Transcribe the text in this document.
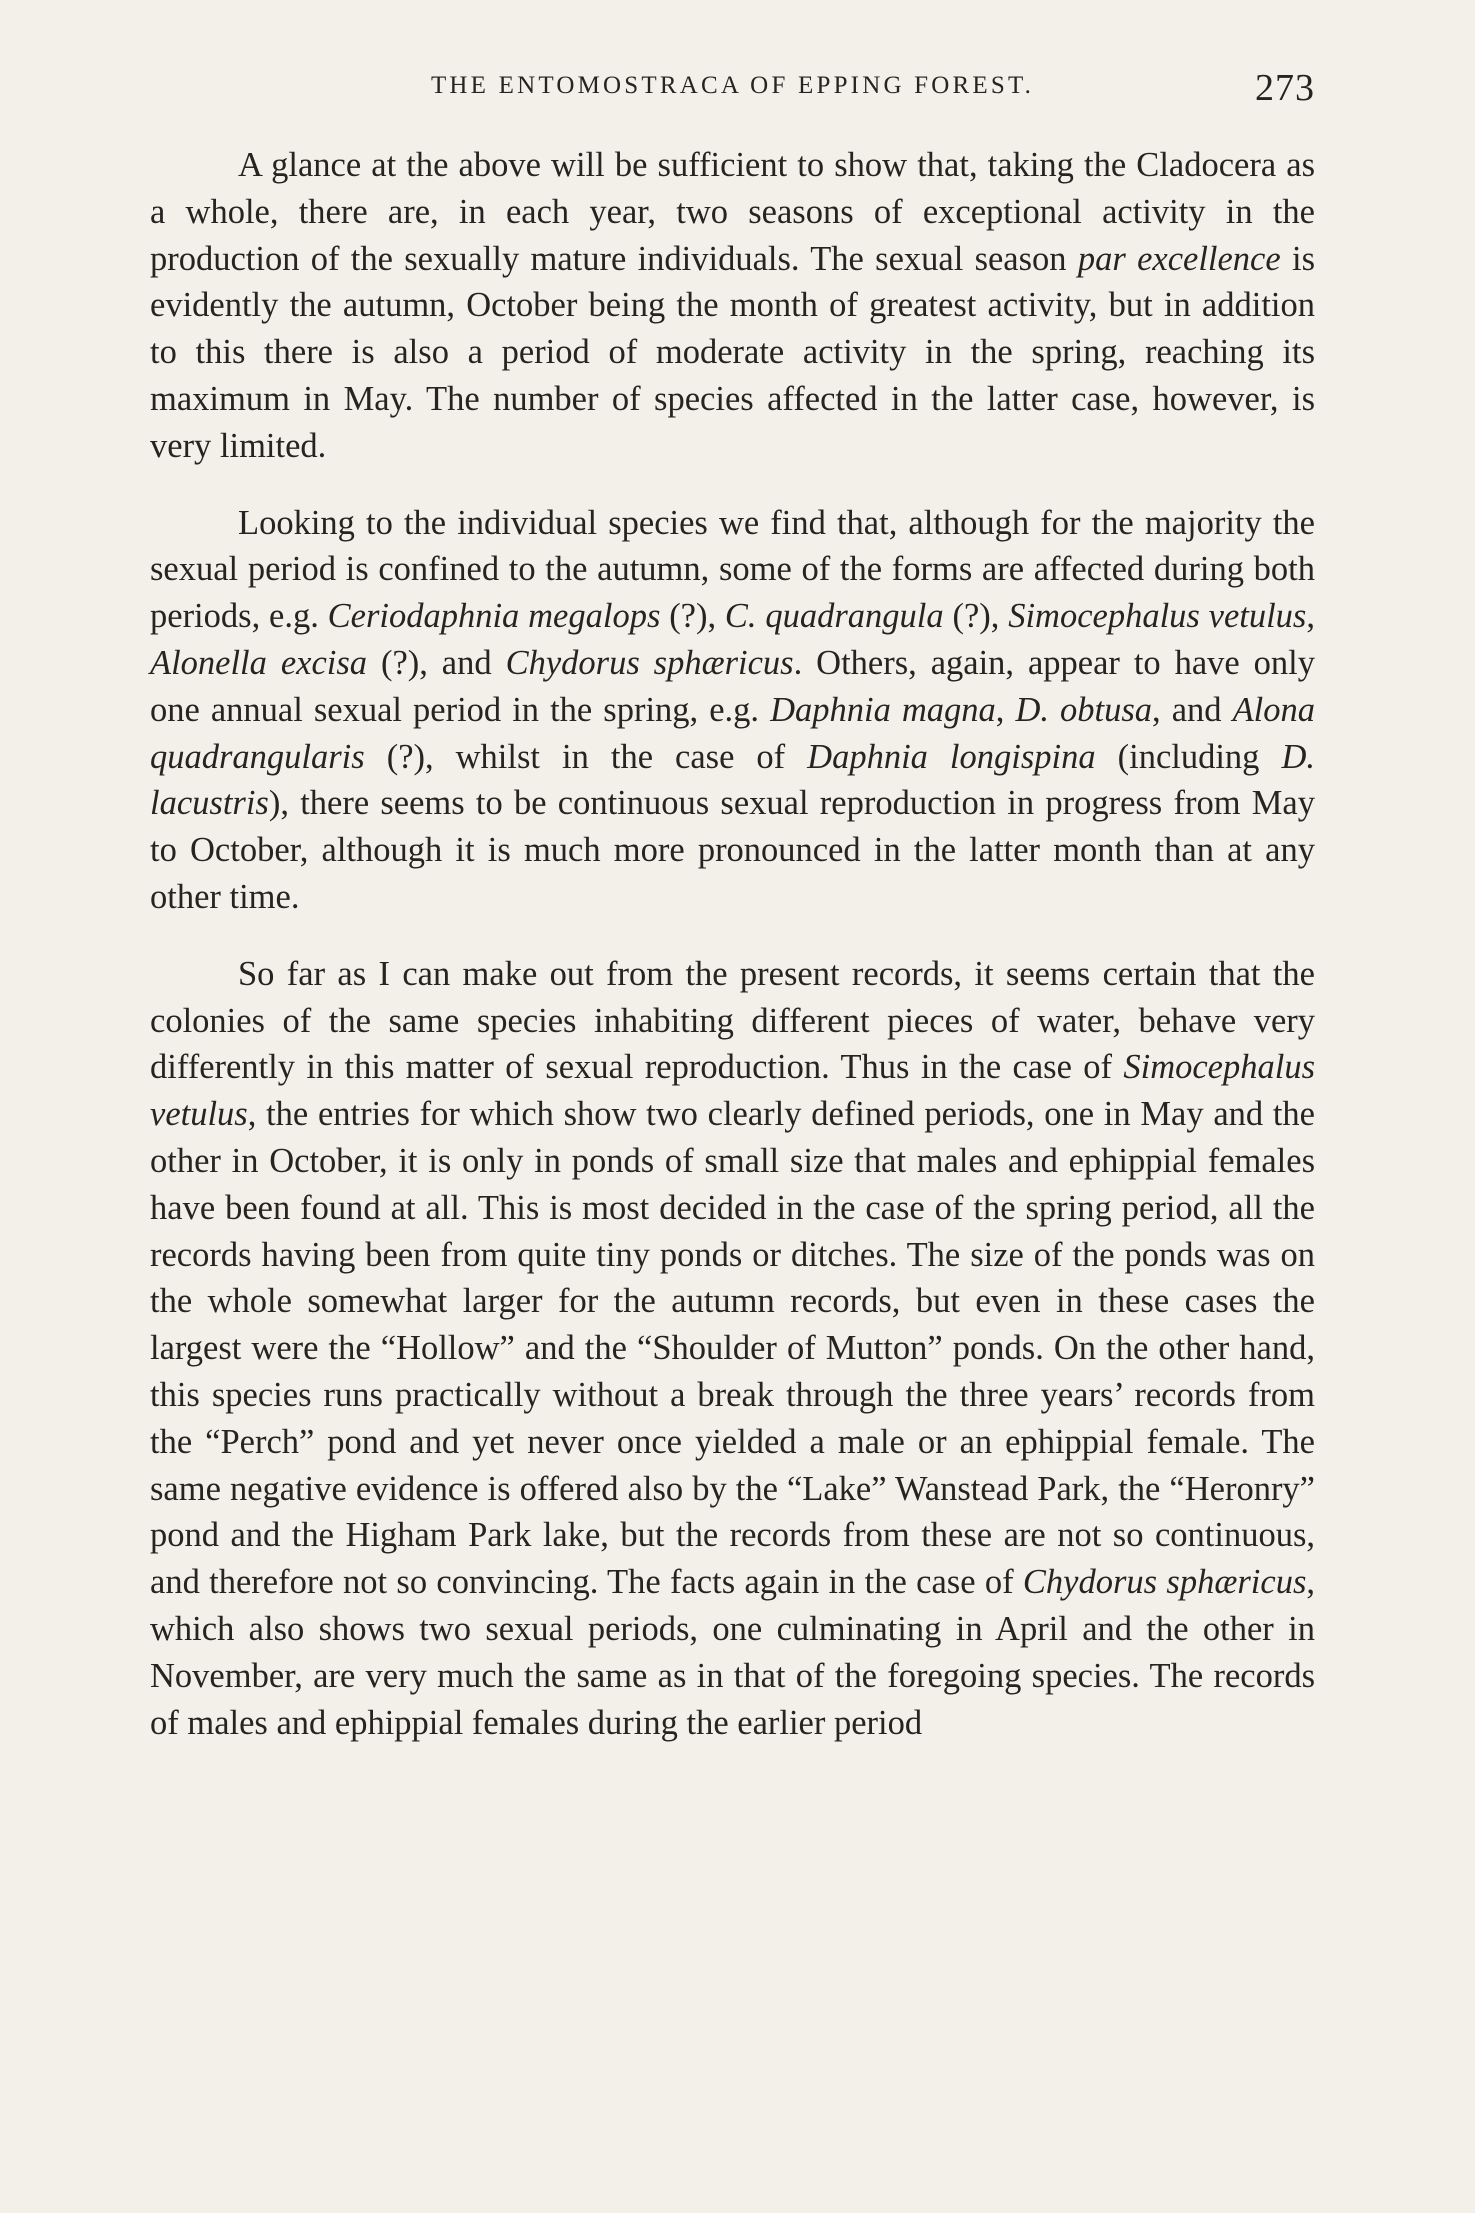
THE ENTOMOSTRACA OF EPPING FOREST.	273

A glance at the above will be sufficient to show that, taking the Cladocera as a whole, there are, in each year, two seasons of exceptional activity in the production of the sexually mature individuals. The sexual season par excellence is evidently the autumn, October being the month of greatest activity, but in addition to this there is also a period of moderate activity in the spring, reaching its maximum in May. The number of species affected in the latter case, however, is very limited.

Looking to the individual species we find that, although for the majority the sexual period is confined to the autumn, some of the forms are affected during both periods, e.g. Ceriodaphnia megalops (?), C. quadrangula (?), Simocephalus vetulus, Alonella excisa (?), and Chydorus sphæricus. Others, again, appear to have only one annual sexual period in the spring, e.g. Daphnia magna, D. obtusa, and Alona quadrangularis (?), whilst in the case of Daphnia longispina (including D. lacustris), there seems to be continuous sexual reproduction in progress from May to October, although it is much more pronounced in the latter month than at any other time.

So far as I can make out from the present records, it seems certain that the colonies of the same species inhabiting different pieces of water, behave very differently in this matter of sexual reproduction. Thus in the case of Simocephalus vetulus, the entries for which show two clearly defined periods, one in May and the other in October, it is only in ponds of small size that males and ephippial females have been found at all. This is most decided in the case of the spring period, all the records having been from quite tiny ponds or ditches. The size of the ponds was on the whole somewhat larger for the autumn records, but even in these cases the largest were the “Hollow” and the “Shoulder of Mutton” ponds. On the other hand, this species runs practically without a break through the three years’ records from the “Perch” pond and yet never once yielded a male or an ephippial female. The same negative evidence is offered also by the “Lake” Wanstead Park, the “Heronry” pond and the Higham Park lake, but the records from these are not so continuous, and therefore not so convincing. The facts again in the case of Chydorus sphæricus, which also shows two sexual periods, one culminating in April and the other in November, are very much the same as in that of the foregoing species. The records of males and ephippial females during the earlier period
